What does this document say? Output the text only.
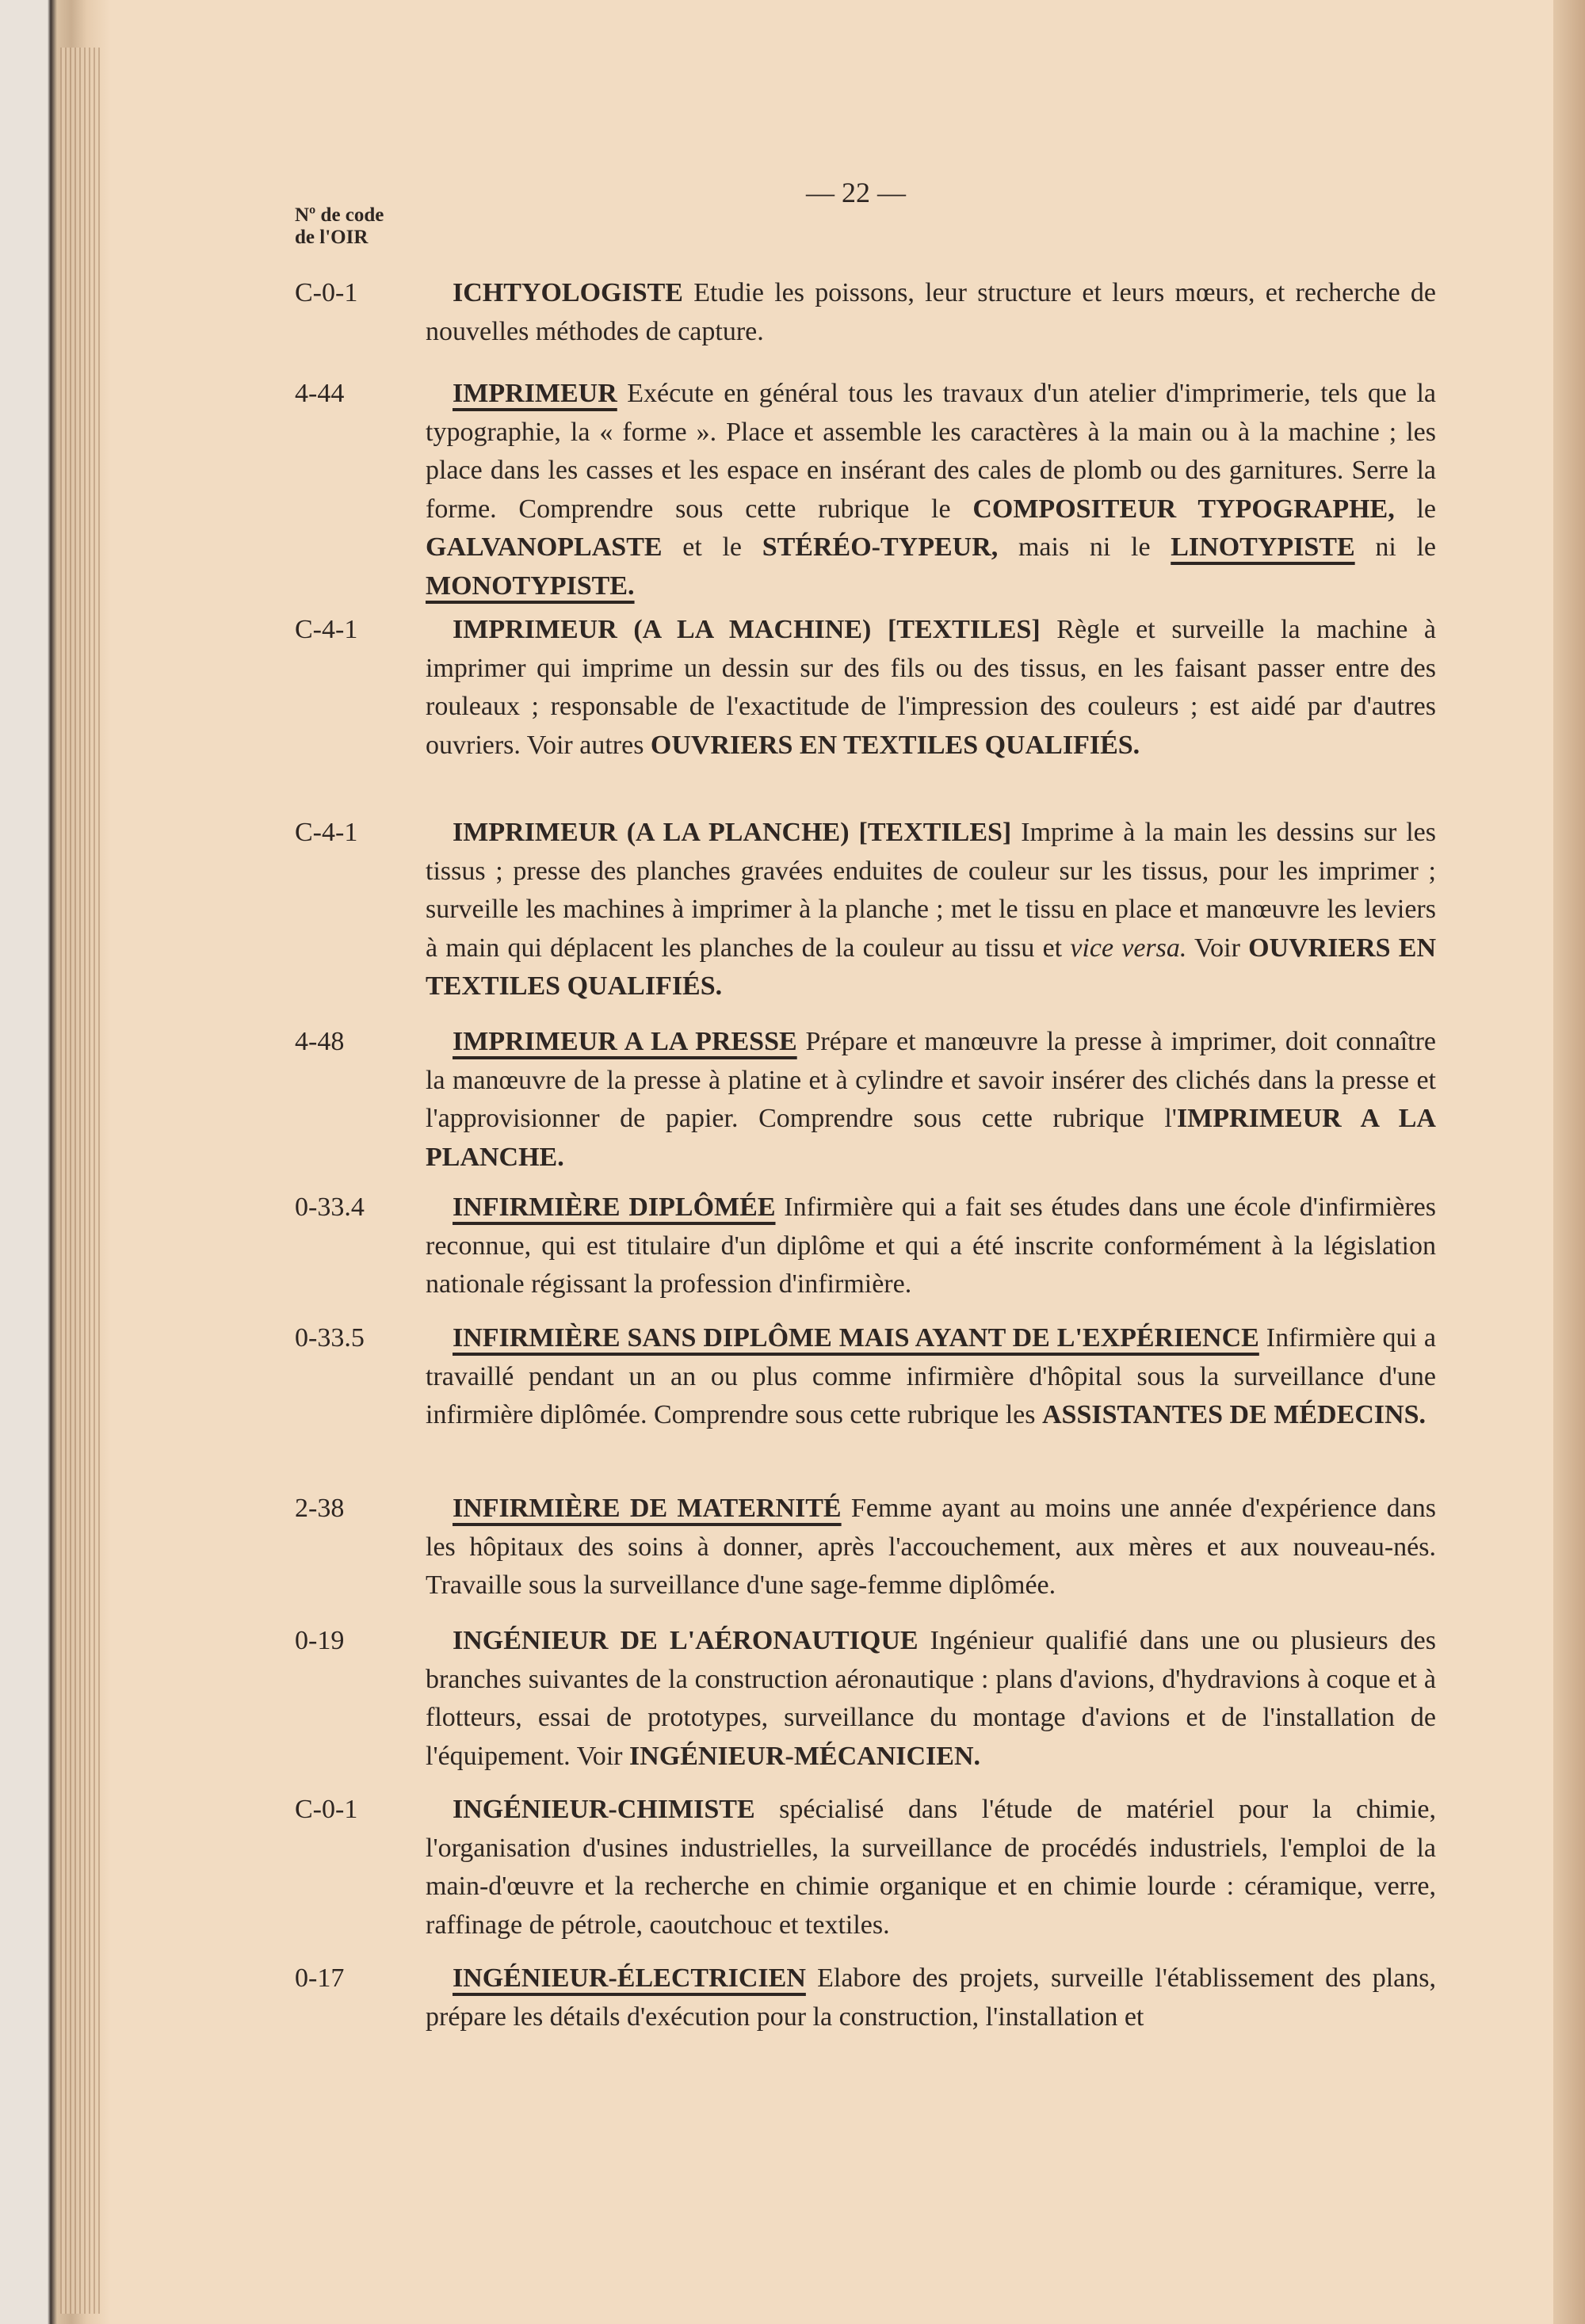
— 22 —
Nº de code
de l'OIR
C-0-1	ICHTYOLOGISTE Etudie les poissons, leur structure et leurs mœurs, et recherche de nouvelles méthodes de capture.
4-44	IMPRIMEUR Exécute en général tous les travaux d'un atelier d'imprimerie, tels que la typographie, la « forme ». Place et assemble les caractères à la main ou à la machine ; les place dans les casses et les espace en insérant des cales de plomb ou des garnitures. Serre la forme. Comprendre sous cette rubrique le COMPOSITEUR TYPOGRAPHE, le GALVANOPLASTE et le STÉRÉO-TYPEUR, mais ni le LINOTYPISTE ni le MONOTYPISTE.
C-4-1	IMPRIMEUR (A LA MACHINE) [TEXTILES] Règle et surveille la machine à imprimer qui imprime un dessin sur des fils ou des tissus, en les faisant passer entre des rouleaux ; responsable de l'exactitude de l'impression des couleurs ; est aidé par d'autres ouvriers. Voir autres OUVRIERS EN TEXTILES QUALIFIÉS.
C-4-1	IMPRIMEUR (A LA PLANCHE) [TEXTILES] Imprime à la main les dessins sur les tissus ; presse des planches gravées enduites de couleur sur les tissus, pour les imprimer ; surveille les machines à imprimer à la planche ; met le tissu en place et manœuvre les leviers à main qui déplacent les planches de la couleur au tissu et vice versa. Voir OUVRIERS EN TEXTILES QUALIFIÉS.
4-48	IMPRIMEUR A LA PRESSE Prépare et manœuvre la presse à imprimer, doit connaître la manœuvre de la presse à platine et à cylindre et savoir insérer des clichés dans la presse et l'approvisionner de papier. Comprendre sous cette rubrique l'IMPRIMEUR A LA PLANCHE.
0-33.4	INFIRMIÈRE DIPLÔMÉE Infirmière qui a fait ses études dans une école d'infirmières reconnue, qui est titulaire d'un diplôme et qui a été inscrite conformément à la législation nationale régissant la profession d'infirmière.
0-33.5	INFIRMIÈRE SANS DIPLÔME MAIS AYANT DE L'EXPÉRIENCE Infirmière qui a travaillé pendant un an ou plus comme infirmière d'hôpital sous la surveillance d'une infirmière diplômée. Comprendre sous cette rubrique les ASSISTANTES DE MÉDECINS.
2-38	INFIRMIÈRE DE MATERNITÉ Femme ayant au moins une année d'expérience dans les hôpitaux des soins à donner, après l'accouchement, aux mères et aux nouveau-nés. Travaille sous la surveillance d'une sage-femme diplômée.
0-19	INGÉNIEUR DE L'AÉRONAUTIQUE Ingénieur qualifié dans une ou plusieurs des branches suivantes de la construction aéronautique : plans d'avions, d'hydravions à coque et à flotteurs, essai de prototypes, surveillance du montage d'avions et de l'installation de l'équipement. Voir INGÉNIEUR-MÉCANICIEN.
C-0-1	INGÉNIEUR-CHIMISTE spécialisé dans l'étude de matériel pour la chimie, l'organisation d'usines industrielles, la surveillance de procédés industriels, l'emploi de la main-d'œuvre et la recherche en chimie organique et en chimie lourde : céramique, verre, raffinage de pétrole, caoutchouc et textiles.
0-17	INGÉNIEUR-ÉLECTRICIEN Elabore des projets, surveille l'établissement des plans, prépare les détails d'exécution pour la construction, l'installation et
